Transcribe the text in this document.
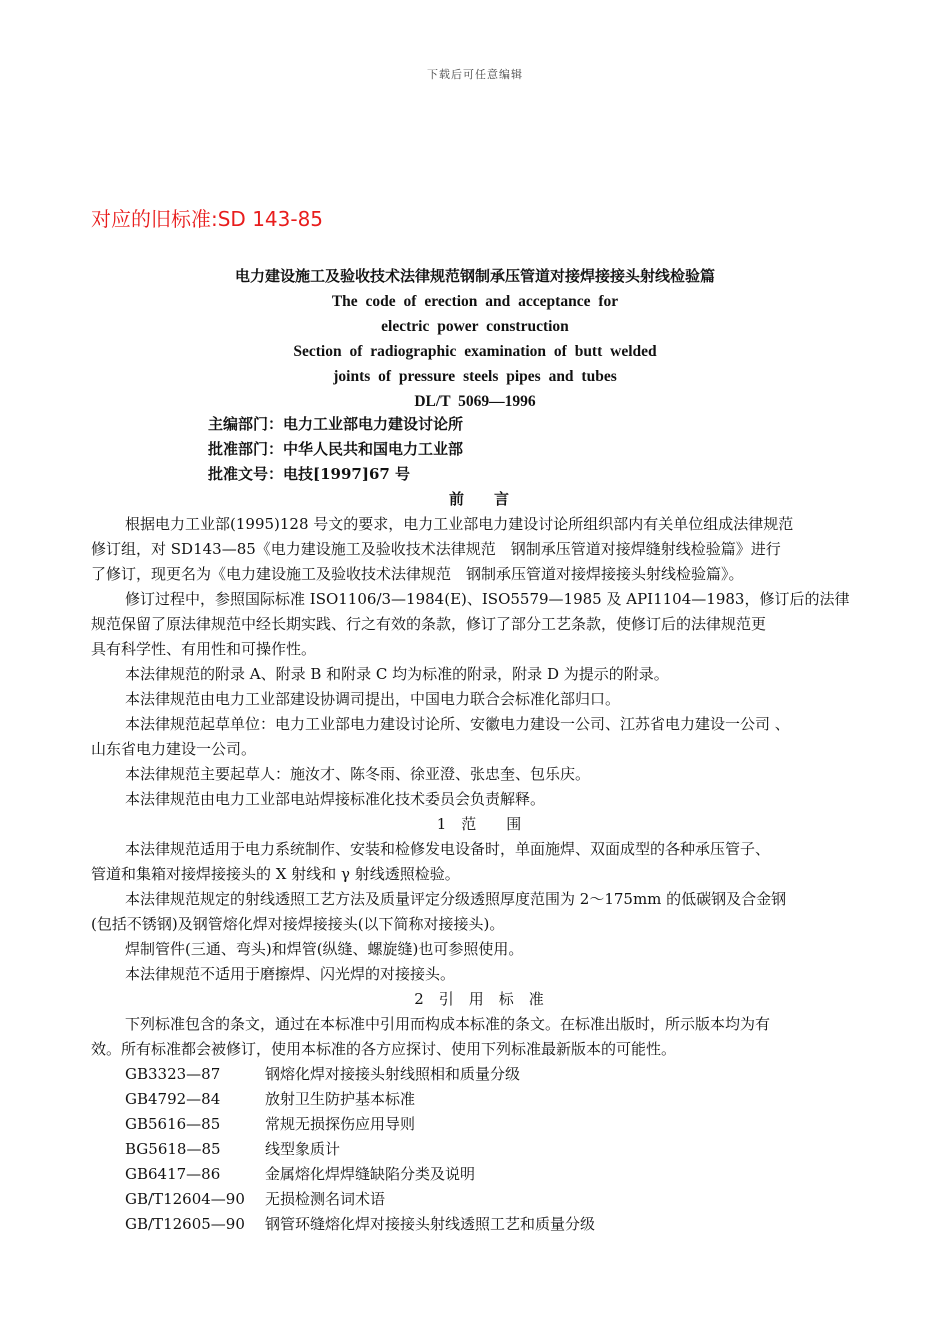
下载后可任意编辑
对应的旧标准:SD 143-85
电力建设施工及验收技术法律规范钢制承压管道对接焊接接头射线检验篇
The code of erection and acceptance for
electric power construction
Section of radiographic examination of butt welded
joints of pressure steels pipes and tubes
DL/T 5069—1996
主编部门：电力工业部电力建设讨论所
批准部门：中华人民共和国电力工业部
批准文号：电技[1997]67 号
前言
根据电力工业部(1995)128 号文的要求，电力工业部电力建设讨论所组织部内有关单位组成法律规范
修订组，对 SD143—85《电力建设施工及验收技术法律规范　钢制承压管道对接焊缝射线检验篇》进行
了修订，现更名为《电力建设施工及验收技术法律规范　钢制承压管道对接焊接接头射线检验篇》。
修订过程中，参照国际标准 ISO1106/3—1984(E)、ISO5579—1985 及 API1104—1983，修订后的法律
规范保留了原法律规范中经长期实践、行之有效的条款，修订了部分工艺条款，使修订后的法律规范更
具有科学性、有用性和可操作性。
本法律规范的附录 A、附录 B 和附录 C 均为标准的附录，附录 D 为提示的附录。
本法律规范由电力工业部建设协调司提出，中国电力联合会标准化部归口。
本法律规范起草单位：电力工业部电力建设讨论所、安徽电力建设一公司、江苏省电力建设一公司 、
山东省电力建设一公司。
本法律规范主要起草人：施汝才、陈冬雨、徐亚澄、张忠奎、包乐庆。
本法律规范由电力工业部电站焊接标准化技术委员会负责解释。
1　范　　围
本法律规范适用于电力系统制作、安装和检修发电设备时，单面施焊、双面成型的各种承压管子、
管道和集箱对接焊接接头的 X 射线和 γ 射线透照检验。
本法律规范规定的射线透照工艺方法及质量评定分级透照厚度范围为 2～175mm 的低碳钢及合金钢
(包括不锈钢)及钢管熔化焊对接焊接接头(以下简称对接接头)。
焊制管件(三通、弯头)和焊管(纵缝、螺旋缝)也可参照使用。
本法律规范不适用于磨擦焊、闪光焊的对接接头。
2　引　用　标　准
下列标准包含的条文，通过在本标准中引用而构成本标准的条文。在标准出版时，所示版本均为有
效。所有标准都会被修订，使用本标准的各方应探讨、使用下列标准最新版本的可能性。
GB3323—87	钢熔化焊对接接头射线照相和质量分级
GB4792—84	放射卫生防护基本标准
GB5616—85	常规无损探伤应用导则
BG5618—85	线型象质计
GB6417—86	金属熔化焊焊缝缺陷分类及说明
GB/T12604—90	无损检测名词术语
GB/T12605—90	钢管环缝熔化焊对接接头射线透照工艺和质量分级
